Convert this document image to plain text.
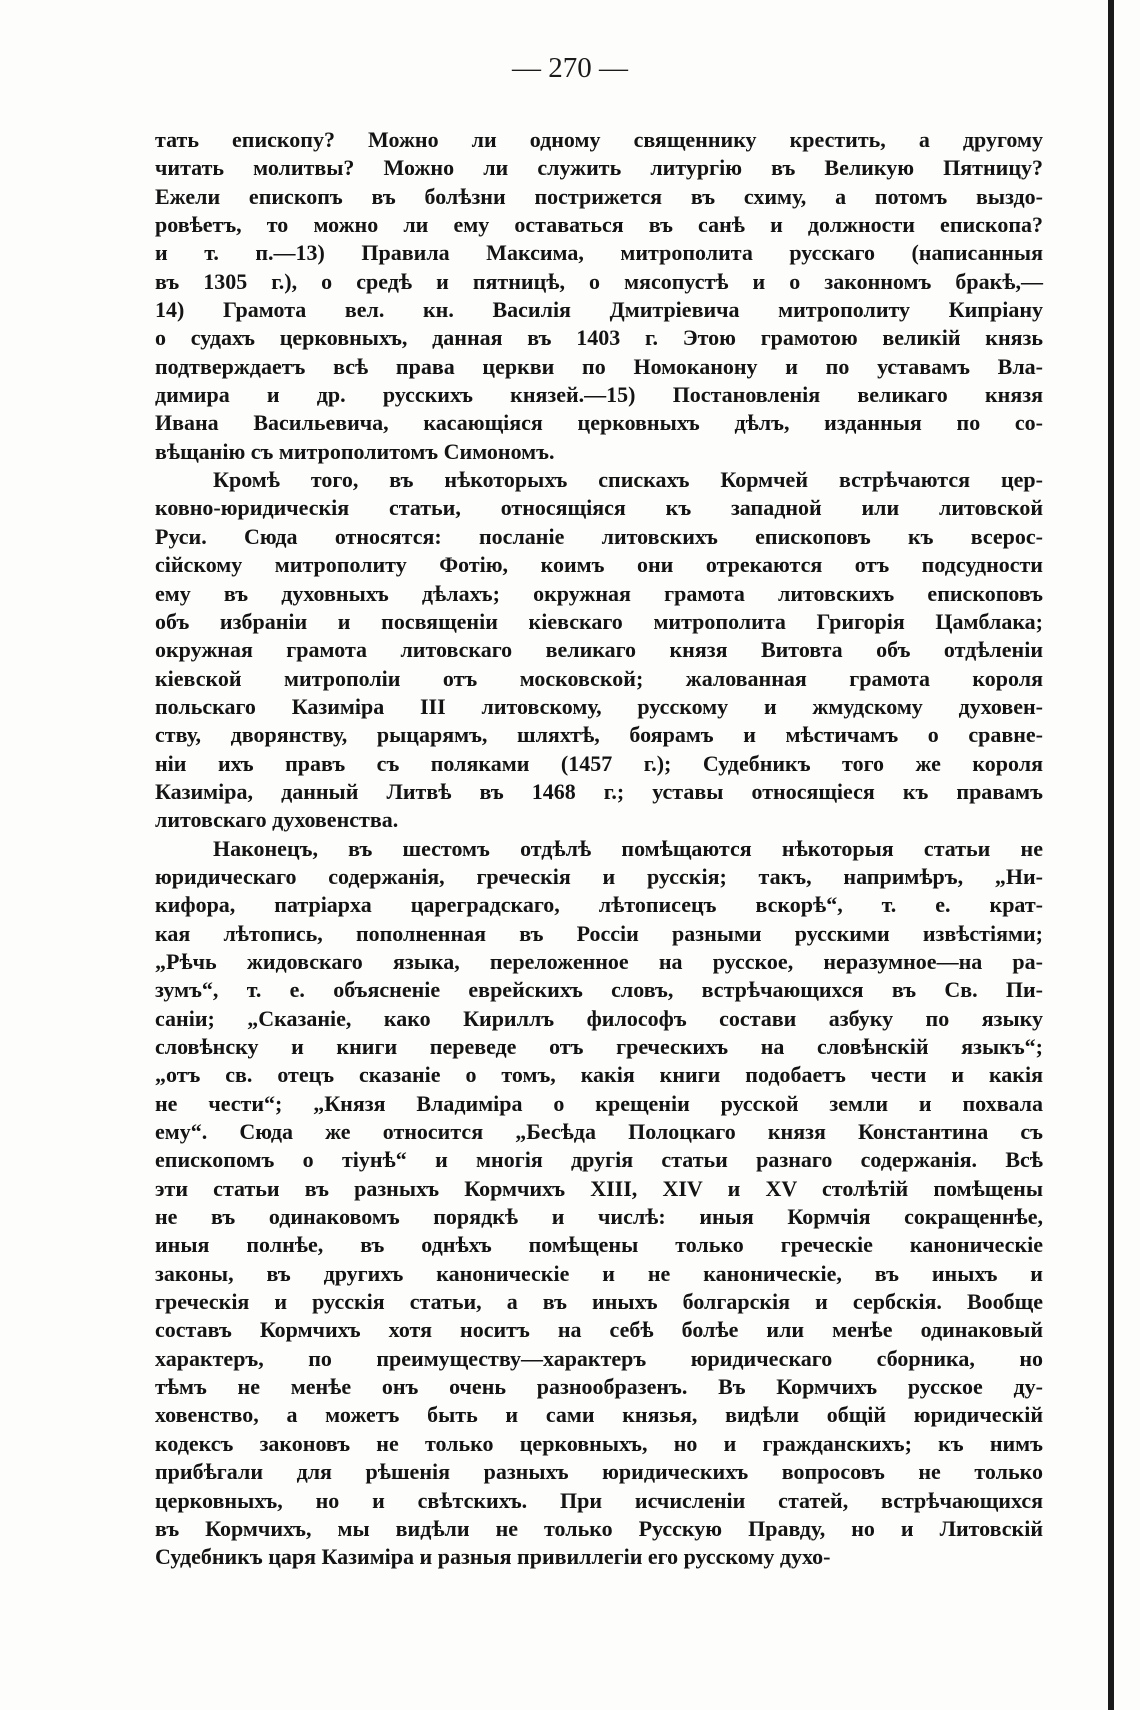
— 270 —
тать епископу? Можно ли одному священнику крестить, а другому
читать молитвы? Можно ли служить литургію въ Великую Пятницу?
Ежели епископъ въ болѣзни пострижется въ схиму, а потомъ выздо-
ровѣетъ, то можно ли ему оставаться въ санѣ и должности епископа?
и т. п.—13) Правила Максима, митрополита русскаго (написанныя
въ 1305 г.), о средѣ и пятницѣ, о мясопустѣ и о законномъ бракѣ,—
14) Грамота вел. кн. Василія Дмитріевича митрополиту Кипріану
о судахъ церковныхъ, данная въ 1403 г. Этою грамотою великій князь
подтверждаетъ всѣ права церкви по Номоканону и по уставамъ Вла-
димира и др. русскихъ князей.—15) Постановленія великаго князя
Ивана Васильевича, касающіяся церковныхъ дѣлъ, изданныя по со-
вѣщанію съ митрополитомъ Симономъ.
Кромѣ того, въ нѣкоторыхъ спискахъ Кормчей встрѣчаются цер-
ковно-юридическія статьи, относящіяся къ западной или литовской
Руси. Сюда относятся: посланіе литовскихъ епископовъ къ всерос-
сійскому митрополиту Фотію, коимъ они отрекаются отъ подсудности
ему въ духовныхъ дѣлахъ; окружная грамота литовскихъ епископовъ
объ избраніи и посвященіи кіевскаго митрополита Григорія Цамблака;
окружная грамота литовскаго великаго князя Витовта объ отдѣленіи
кіевской митрополіи отъ московской; жалованная грамота короля
польскаго Казиміра III литовскому, русскому и жмудскому духовен-
ству, дворянству, рыцарямъ, шляхтѣ, боярамъ и мѣстичамъ о сравне-
ніи ихъ правъ съ поляками (1457 г.); Судебникъ того же короля
Казиміра, данный Литвѣ въ 1468 г.; уставы относящіеся къ правамъ
литовскаго духовенства.
Наконецъ, въ шестомъ отдѣлѣ помѣщаются нѣкоторыя статьи не
юридическаго содержанія, греческія и русскія; такъ, напримѣръ, „Ни-
кифора, патріарха цареградскаго, лѣтописецъ вскорѣ“, т. е. крат-
кая лѣтопись, пополненная въ Россіи разными русскими извѣстіями;
„Рѣчь жидовскаго языка, переложенное на русское, неразумное—на ра-
зумъ“, т. е. объясненіе еврейскихъ словъ, встрѣчающихся въ Св. Пи-
саніи; „Сказаніе, како Кириллъ философъ состави азбуку по языку
словѣнску и книги переведе отъ греческихъ на словѣнскій языкъ“;
„отъ св. отецъ сказаніе о томъ, какія книги подобаетъ чести и какія
не чести“; „Князя Владиміра о крещеніи русской земли и похвала
ему“. Сюда же относится „Бесѣда Полоцкаго князя Константина съ
епископомъ о тіунѣ“ и многія другія статьи разнаго содержанія. Всѣ
эти статьи въ разныхъ Кормчихъ XIII, XIV и XV столѣтій помѣщены
не въ одинаковомъ порядкѣ и числѣ: иныя Кормчія сокращеннѣе,
иныя полнѣе, въ однѣхъ помѣщены только греческіе каноническіе
законы, въ другихъ каноническіе и не каноническіе, въ иныхъ и
греческія и русскія статьи, а въ иныхъ болгарскія и сербскія. Вообще
составъ Кормчихъ хотя носитъ на себѣ болѣе или менѣе одинаковый
характеръ, по преимуществу—характеръ юридическаго сборника, но
тѣмъ не менѣе онъ очень разнообразенъ. Въ Кормчихъ русское ду-
ховенство, а можетъ быть и сами князья, видѣли общій юридическій
кодексъ законовъ не только церковныхъ, но и гражданскихъ; къ нимъ
прибѣгали для рѣшенія разныхъ юридическихъ вопросовъ не только
церковныхъ, но и свѣтскихъ. При исчисленіи статей, встрѣчающихся
въ Кормчихъ, мы видѣли не только Русскую Правду, но и Литовскій
Судебникъ царя Казиміра и разныя привиллегіи его русскому духо-
